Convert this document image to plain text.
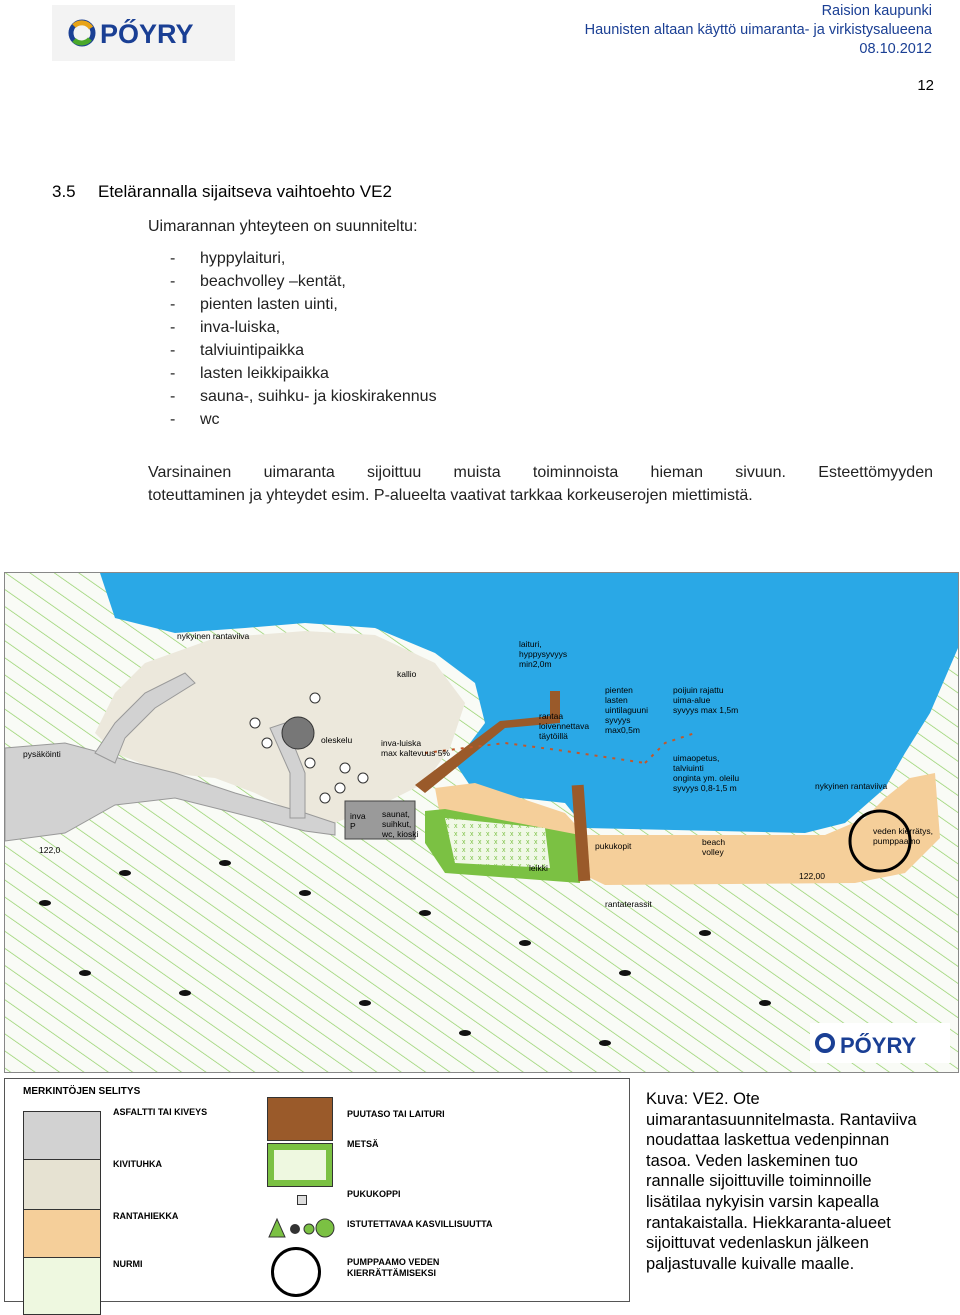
PŐYRY
Raision kaupunki
Haunisten altaan käyttö uimaranta- ja virkistysalueena
08.10.2012
12
3.5 Etelärannalla sijaitseva vaihtoehto VE2
Uimarannan yhteyteen on suunniteltu:
- hyppylaituri,
- beachvolley –kentät,
- pienten lasten uinti,
- inva-luiska,
- talviuintipaikka
- lasten leikkipaikka
- sauna-, suihku- ja kioskirakennus
- wc
Varsinainen uimaranta sijoittuu muista toiminnoista hieman sivuun. Esteettömyyden
toteuttaminen ja yhteydet esim. P-alueelta vaativat tarkkaa korkeuserojen miettimistä.
PŐYRY
nykyinen rantaviiva
pysäköinti
kallio
laituri,
hyppysyvyys
min2,0m
rantaa
loivennettava
täytöillä
pienten
lasten
uintilaguuni
syvyys
max0,5m
poijuin rajattu
uima-alue
syvyys max 1,5m
oleskelu	inva-luiska
max kaltevuus 5%	uimaopetus,
talviuinti
onginta ym. oleilu
syvyys 0,8-1,5 m	nykyinen rantaviiva
inva
P
saunat,
suihkut,
wc, kioski
pukukopit
leikki
beach
volley
veden kierrätys,
pumppaamo
rantaterassit
122,0
122,00
MERKINTÖJEN SELITYS
ASFALTTI TAI KIVEYS
KIVITUHKA
RANTAHIEKKA
NURMI
PUUTASO TAI LAITURI
METSÄ
PUKUKOPPI
ISTUTETTAVAA KASVILLISUUTTA
PUMPPAAMO VEDEN
KIERRÄTTÄMISEKSI
Kuva: VE2. Ote
uimarantasuunnitelmasta. Rantaviiva
noudattaa laskettua vedenpinnan
tasoa. Veden laskeminen tuo
rannalle sijoittuville toiminnoille
lisätilaa nykyisin varsin kapealla
rantakaistalla. Hiekkaranta-alueet
sijoittuvat vedenlaskun jälkeen
paljastuvalle kuivalle maalle.
